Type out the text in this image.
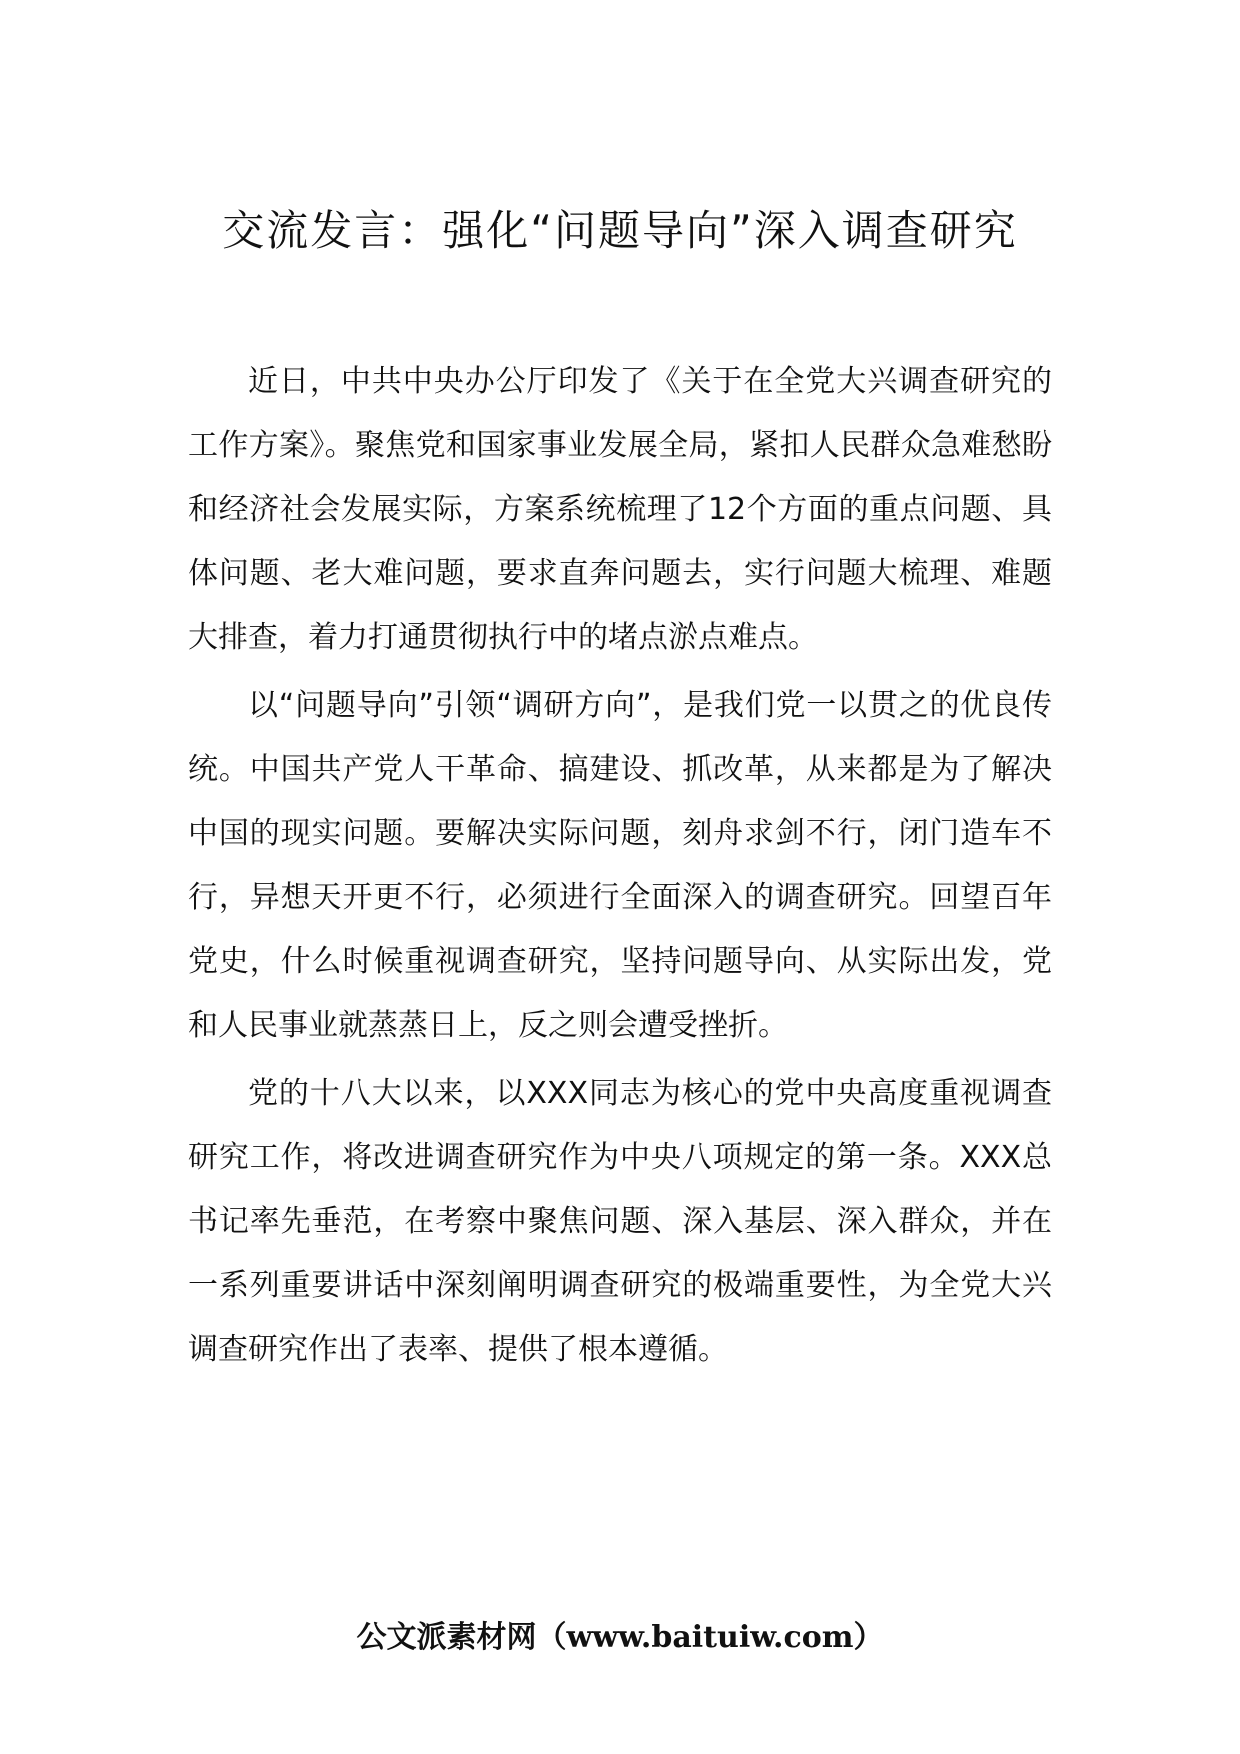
交流发言：强化“问题导向”深入调查研究

近日，中共中央办公厅印发了《关于在全党大兴调查研究的工作方案》。聚焦党和国家事业发展全局，紧扣人民群众急难愁盼和经济社会发展实际，方案系统梳理了12个方面的重点问题、具体问题、老大难问题，要求直奔问题去，实行问题大梳理、难题大排查，着力打通贯彻执行中的堵点淤点难点。

以“问题导向”引领“调研方向”，是我们党一以贯之的优良传统。中国共产党人干革命、搞建设、抓改革，从来都是为了解决中国的现实问题。要解决实际问题，刻舟求剑不行，闭门造车不行，异想天开更不行，必须进行全面深入的调查研究。回望百年党史，什么时候重视调查研究，坚持问题导向、从实际出发，党和人民事业就蒸蒸日上，反之则会遭受挫折。

党的十八大以来，以XXX同志为核心的党中央高度重视调查研究工作，将改进调查研究作为中央八项规定的第一条。XXX总书记率先垂范，在考察中聚焦问题、深入基层、深入群众，并在一系列重要讲话中深刻阐明调查研究的极端重要性，为全党大兴调查研究作出了表率、提供了根本遵循。

公文派素材网（www.baituiw.com）
